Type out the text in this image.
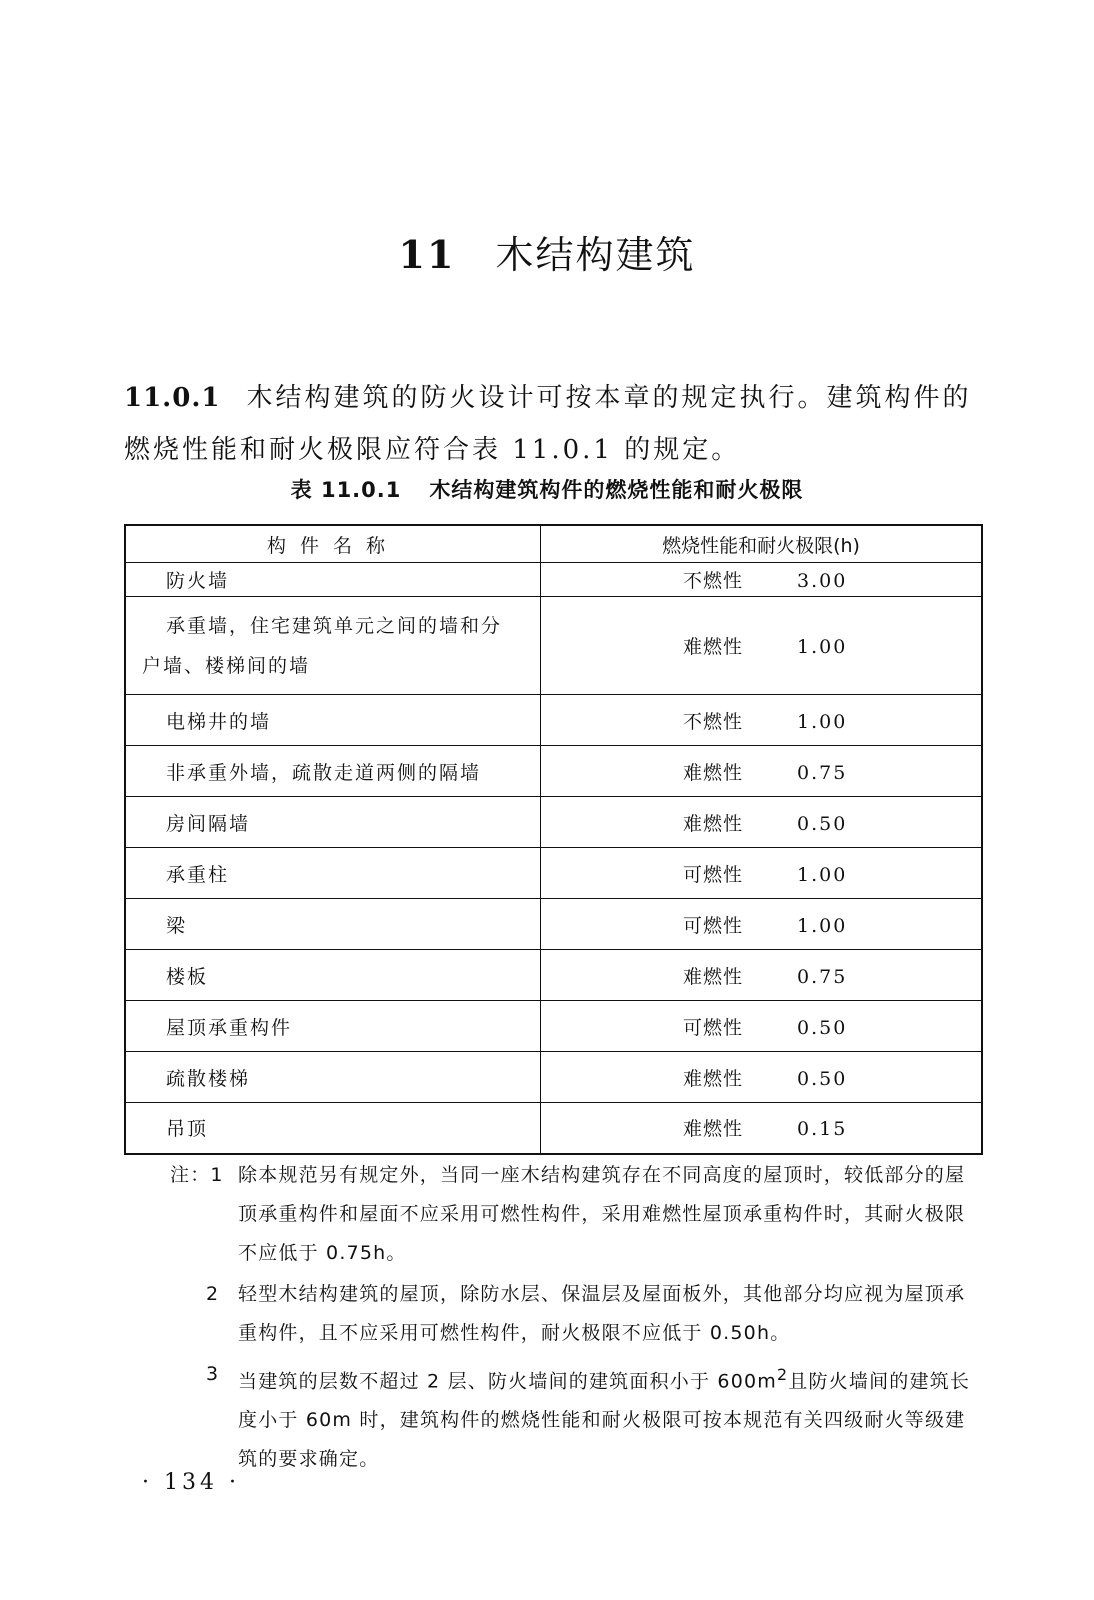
11 木结构建筑
11.0.1 木结构建筑的防火设计可按本章的规定执行。建筑构件的燃烧性能和耐火极限应符合表 11.0.1 的规定。
表 11.0.1 木结构建筑构件的燃烧性能和耐火极限
构件名称	燃烧性能和耐火极限(h)
防火墙	不燃性 3.00

承重墙，住宅建筑单元之间的墙和分
户墙、楼梯间的墙	难燃性 1.00
电梯井的墙	不燃性 1.00
非承重外墙，疏散走道两侧的隔墙	难燃性 0.75
房间隔墙	难燃性 0.50
承重柱	可燃性 1.00
梁	可燃性 1.00
楼板	难燃性 0.75
屋顶承重构件	可燃性 0.50
疏散楼梯	难燃性 0.50
吊顶	难燃性 0.15
注：1 除本规范另有规定外，当同一座木结构建筑存在不同高度的屋顶时，较低部分的屋顶承重构件和屋面不应采用可燃性构件，采用难燃性屋顶承重构件时，其耐火极限不应低于 0.75h。
2 轻型木结构建筑的屋顶，除防水层、保温层及屋面板外，其他部分均应视为屋顶承重构件，且不应采用可燃性构件，耐火极限不应低于 0.50h。
3 当建筑的层数不超过 2 层、防火墙间的建筑面积小于 $600m^2$且防火墙间的建筑长度小于 60m 时，建筑构件的燃烧性能和耐火极限可按本规范有关四级耐火等级建筑的要求确定。
· 134 ·
